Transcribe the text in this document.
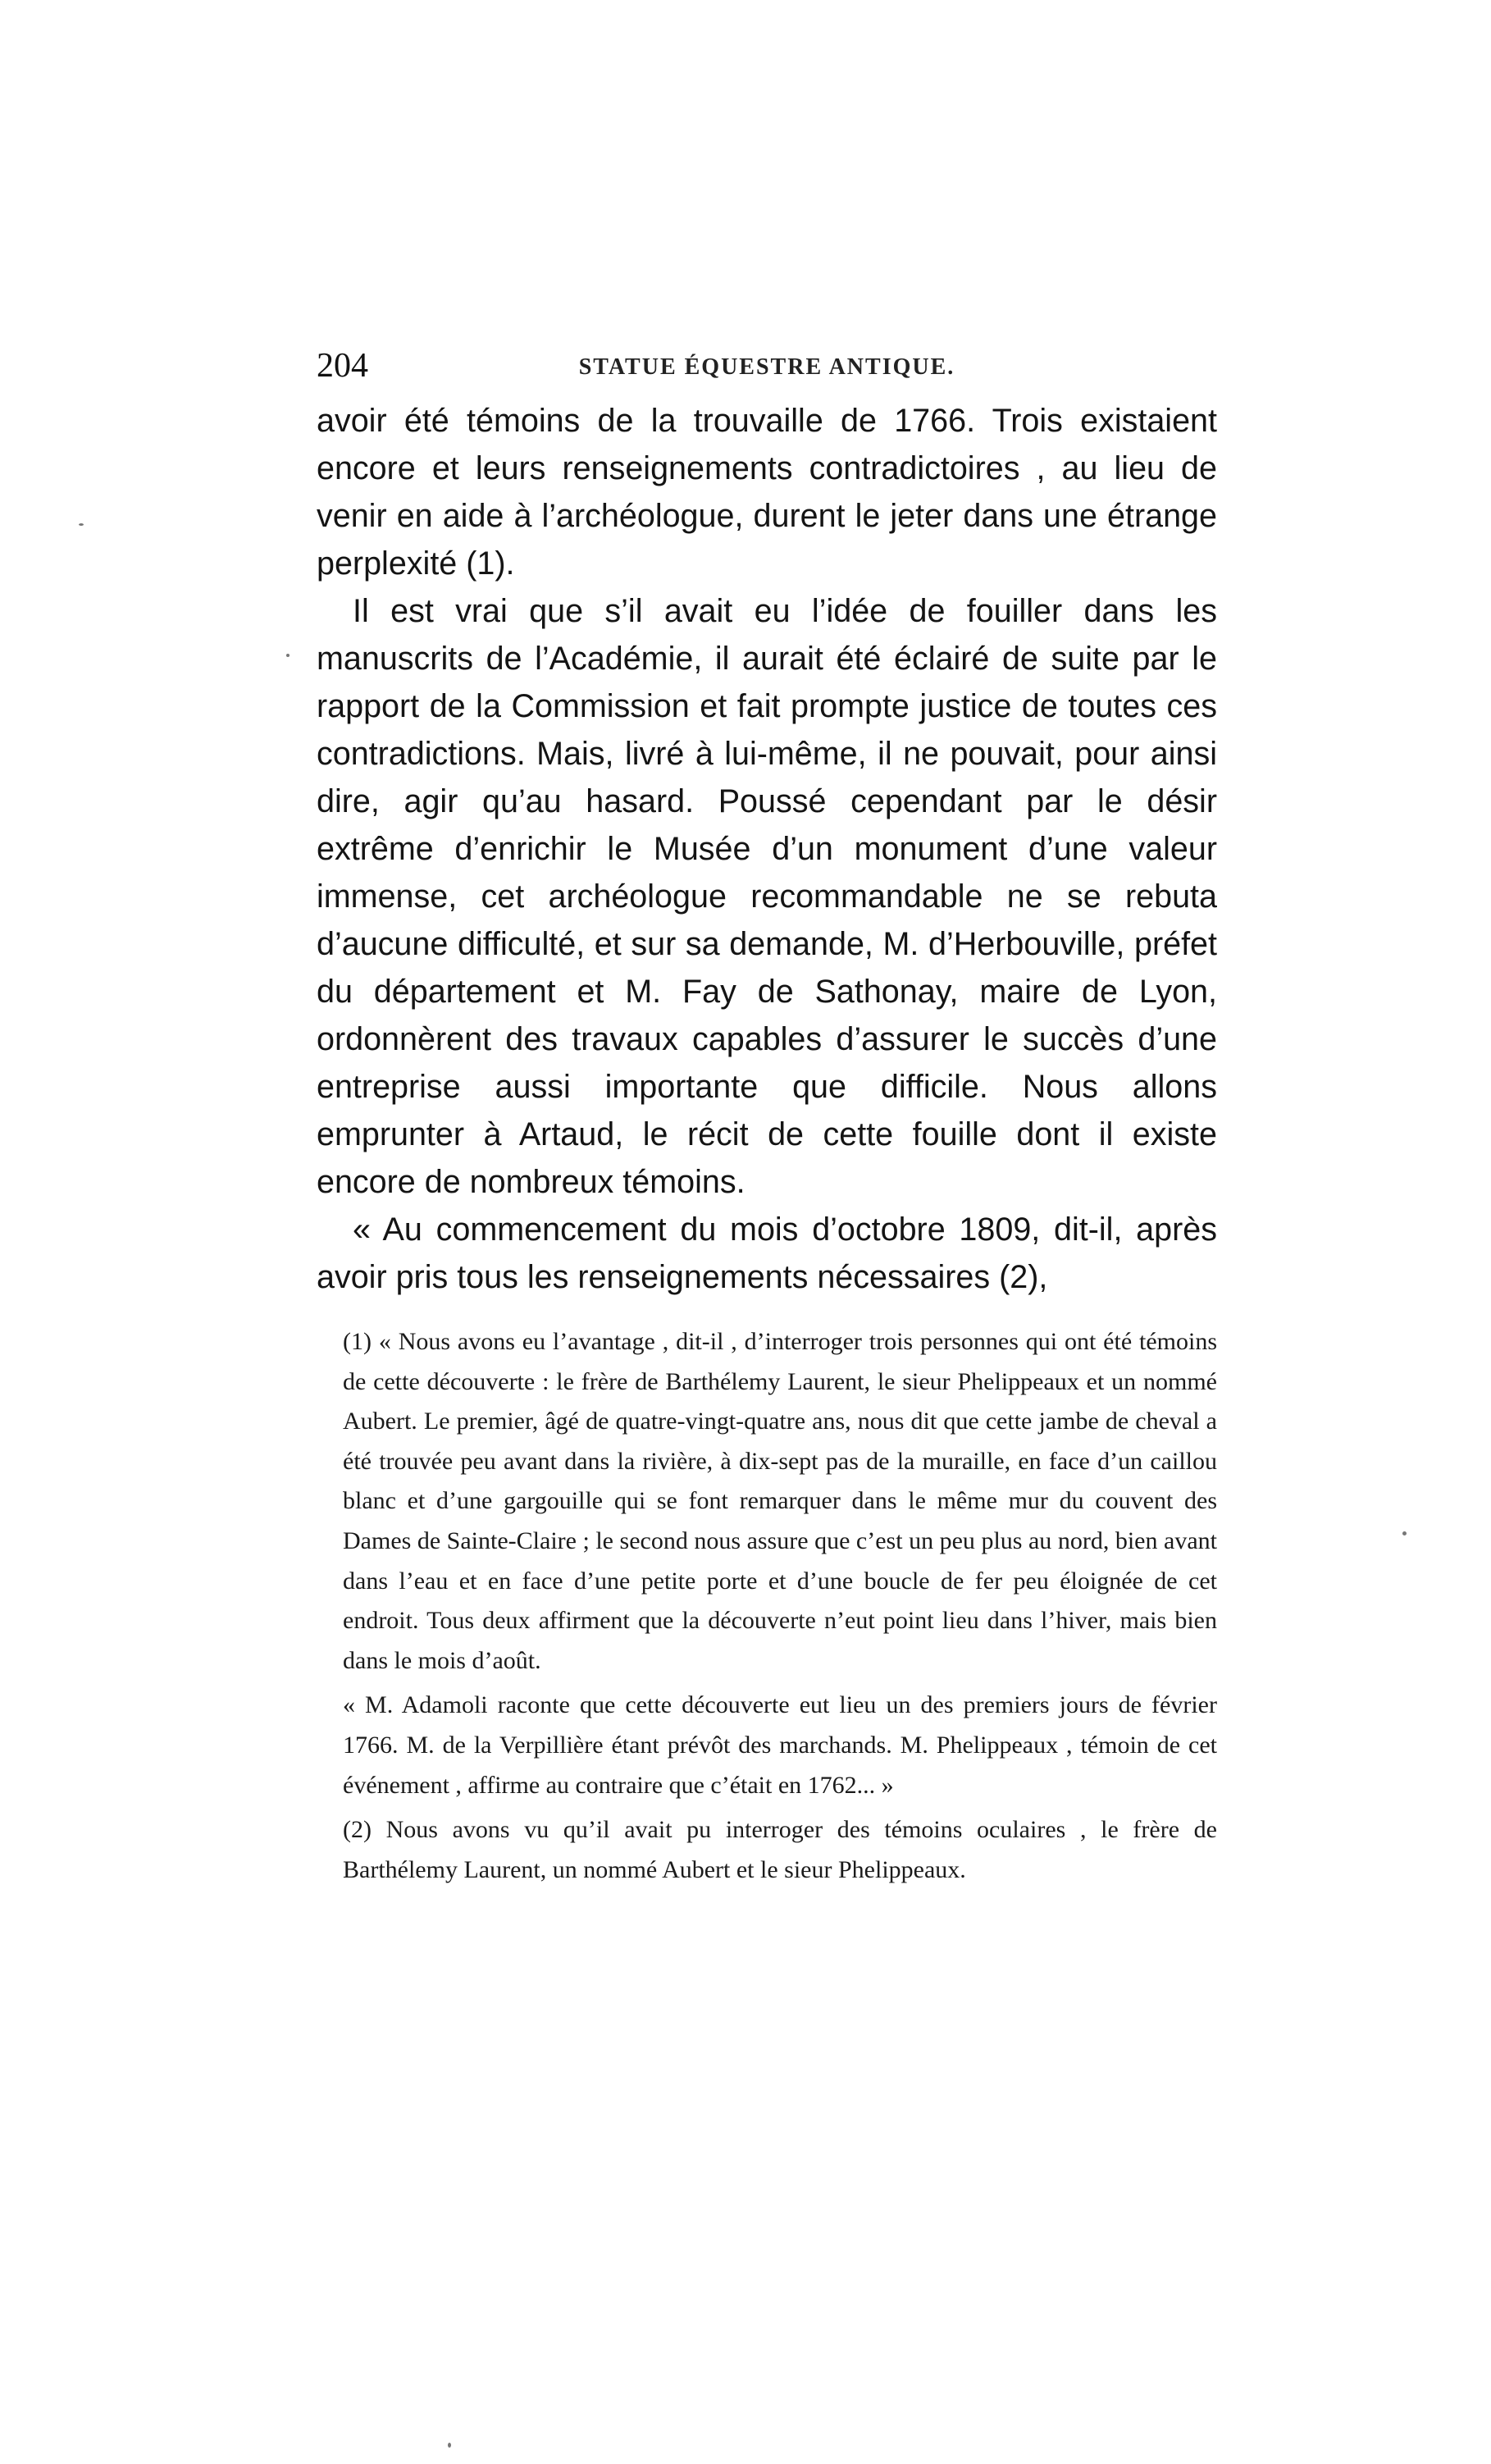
204	STATUE ÉQUESTRE ANTIQUE.

avoir été témoins de la trouvaille de 1766. Trois existaient encore et leurs renseignements contradictoires , au lieu de venir en aide à l’archéologue, durent le jeter dans une étrange perplexité (1).

Il est vrai que s’il avait eu l’idée de fouiller dans les manuscrits de l’Académie, il aurait été éclairé de suite par le rapport de la Commission et fait prompte justice de toutes ces contradictions. Mais, livré à lui-même, il ne pouvait, pour ainsi dire, agir qu’au hasard. Poussé cependant par le désir extrême d’enrichir le Musée d’un monument d’une valeur immense, cet archéologue recommandable ne se rebuta d’aucune difficulté, et sur sa demande, M. d’Herbouville, préfet du département et M. Fay de Sathonay, maire de Lyon, ordonnèrent des travaux capables d’assurer le succès d’une entreprise aussi importante que difficile. Nous allons emprunter à Artaud, le récit de cette fouille dont il existe encore de nombreux témoins.

« Au commencement du mois d’octobre 1809, dit-il, après avoir pris tous les renseignements nécessaires (2),

(1) « Nous avons eu l’avantage , dit-il , d’interroger trois personnes qui ont été témoins de cette découverte : le frère de Barthélemy Laurent, le sieur Phelippeaux et un nommé Aubert. Le premier, âgé de quatre-vingt-quatre ans, nous dit que cette jambe de cheval a été trouvée peu avant dans la rivière, à dix-sept pas de la muraille, en face d’un caillou blanc et d’une gargouille qui se font remarquer dans le même mur du couvent des Dames de Sainte-Claire ; le second nous assure que c’est un peu plus au nord, bien avant dans l’eau et en face d’une petite porte et d’une boucle de fer peu éloignée de cet endroit. Tous deux affirment que la découverte n’eut point lieu dans l’hiver, mais bien dans le mois d’août.

« M. Adamoli raconte que cette découverte eut lieu un des premiers jours de février 1766. M. de la Verpillière étant prévôt des marchands. M. Phelippeaux , témoin de cet événement , affirme au contraire que c’était en 1762... »

(2) Nous avons vu qu’il avait pu interroger des témoins oculaires , le frère de Barthélemy Laurent, un nommé Aubert et le sieur Phelippeaux.
